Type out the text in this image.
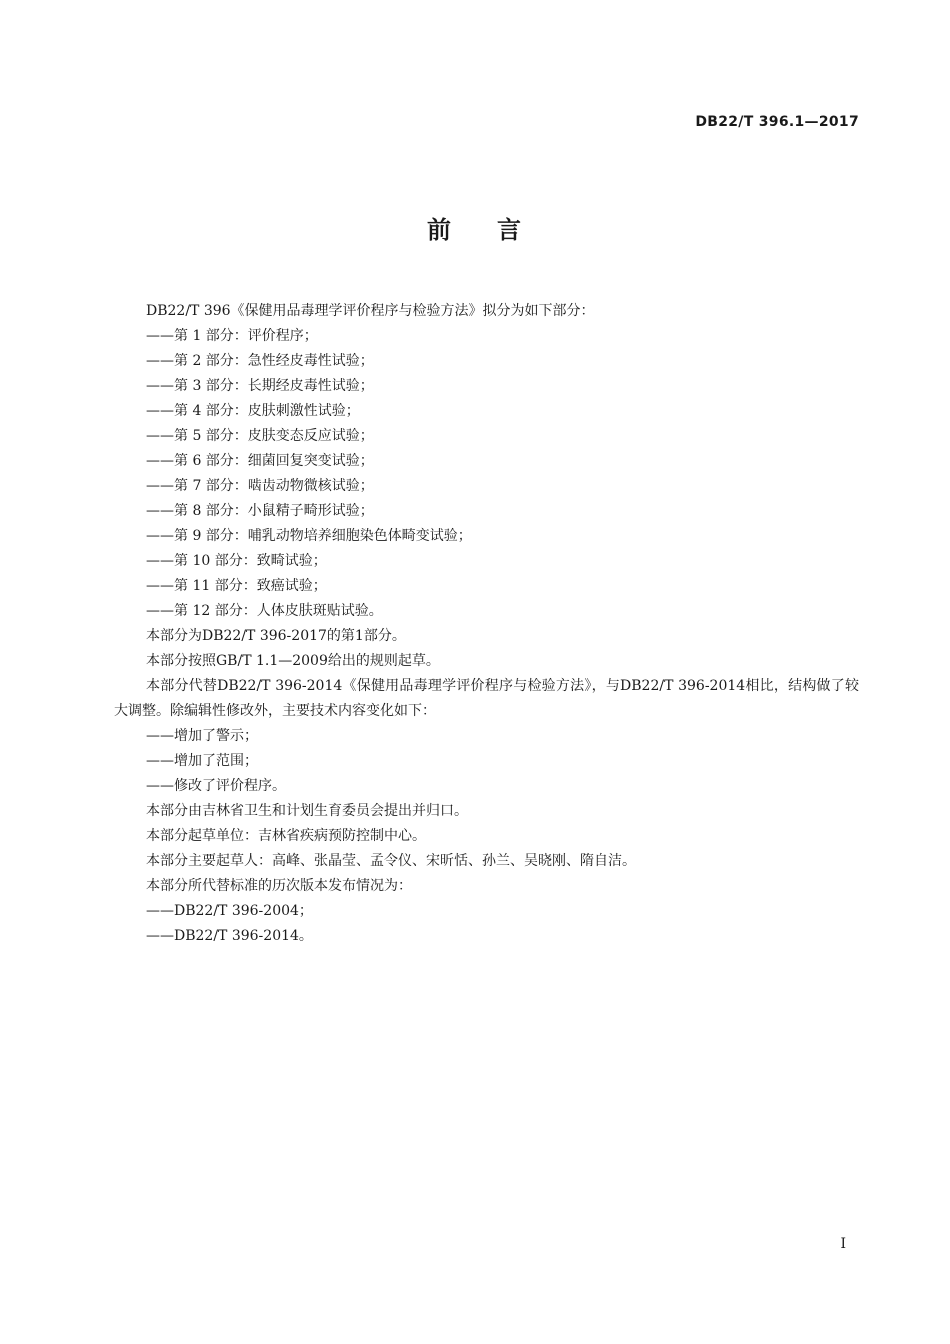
DB22/T 396.1—2017
前 言

DB22/T 396《保健用品毒理学评价程序与检验方法》拟分为如下部分：

——第 1 部分：评价程序；

——第 2 部分：急性经皮毒性试验；

——第 3 部分：长期经皮毒性试验；

——第 4 部分：皮肤刺激性试验；

——第 5 部分：皮肤变态反应试验；

——第 6 部分：细菌回复突变试验；

——第 7 部分：啮齿动物微核试验；

——第 8 部分：小鼠精子畸形试验；

——第 9 部分：哺乳动物培养细胞染色体畸变试验；

——第 10 部分：致畸试验；

——第 11 部分：致癌试验；

——第 12 部分：人体皮肤斑贴试验。

本部分为DB22/T 396-2017的第1部分。

本部分按照GB/T 1.1—2009给出的规则起草。

本部分代替DB22/T 396-2014《保健用品毒理学评价程序与检验方法》，与DB22/T 396-2014相比，结构做了较大调整。除编辑性修改外，主要技术内容变化如下：

——增加了警示；

——增加了范围；

——修改了评价程序。

本部分由吉林省卫生和计划生育委员会提出并归口。

本部分起草单位：吉林省疾病预防控制中心。

本部分主要起草人：高峰、张晶莹、孟令仪、宋昕恬、孙兰、吴晓刚、隋自洁。

本部分所代替标准的历次版本发布情况为：

——DB22/T 396-2004；

——DB22/T 396-2014。

I
